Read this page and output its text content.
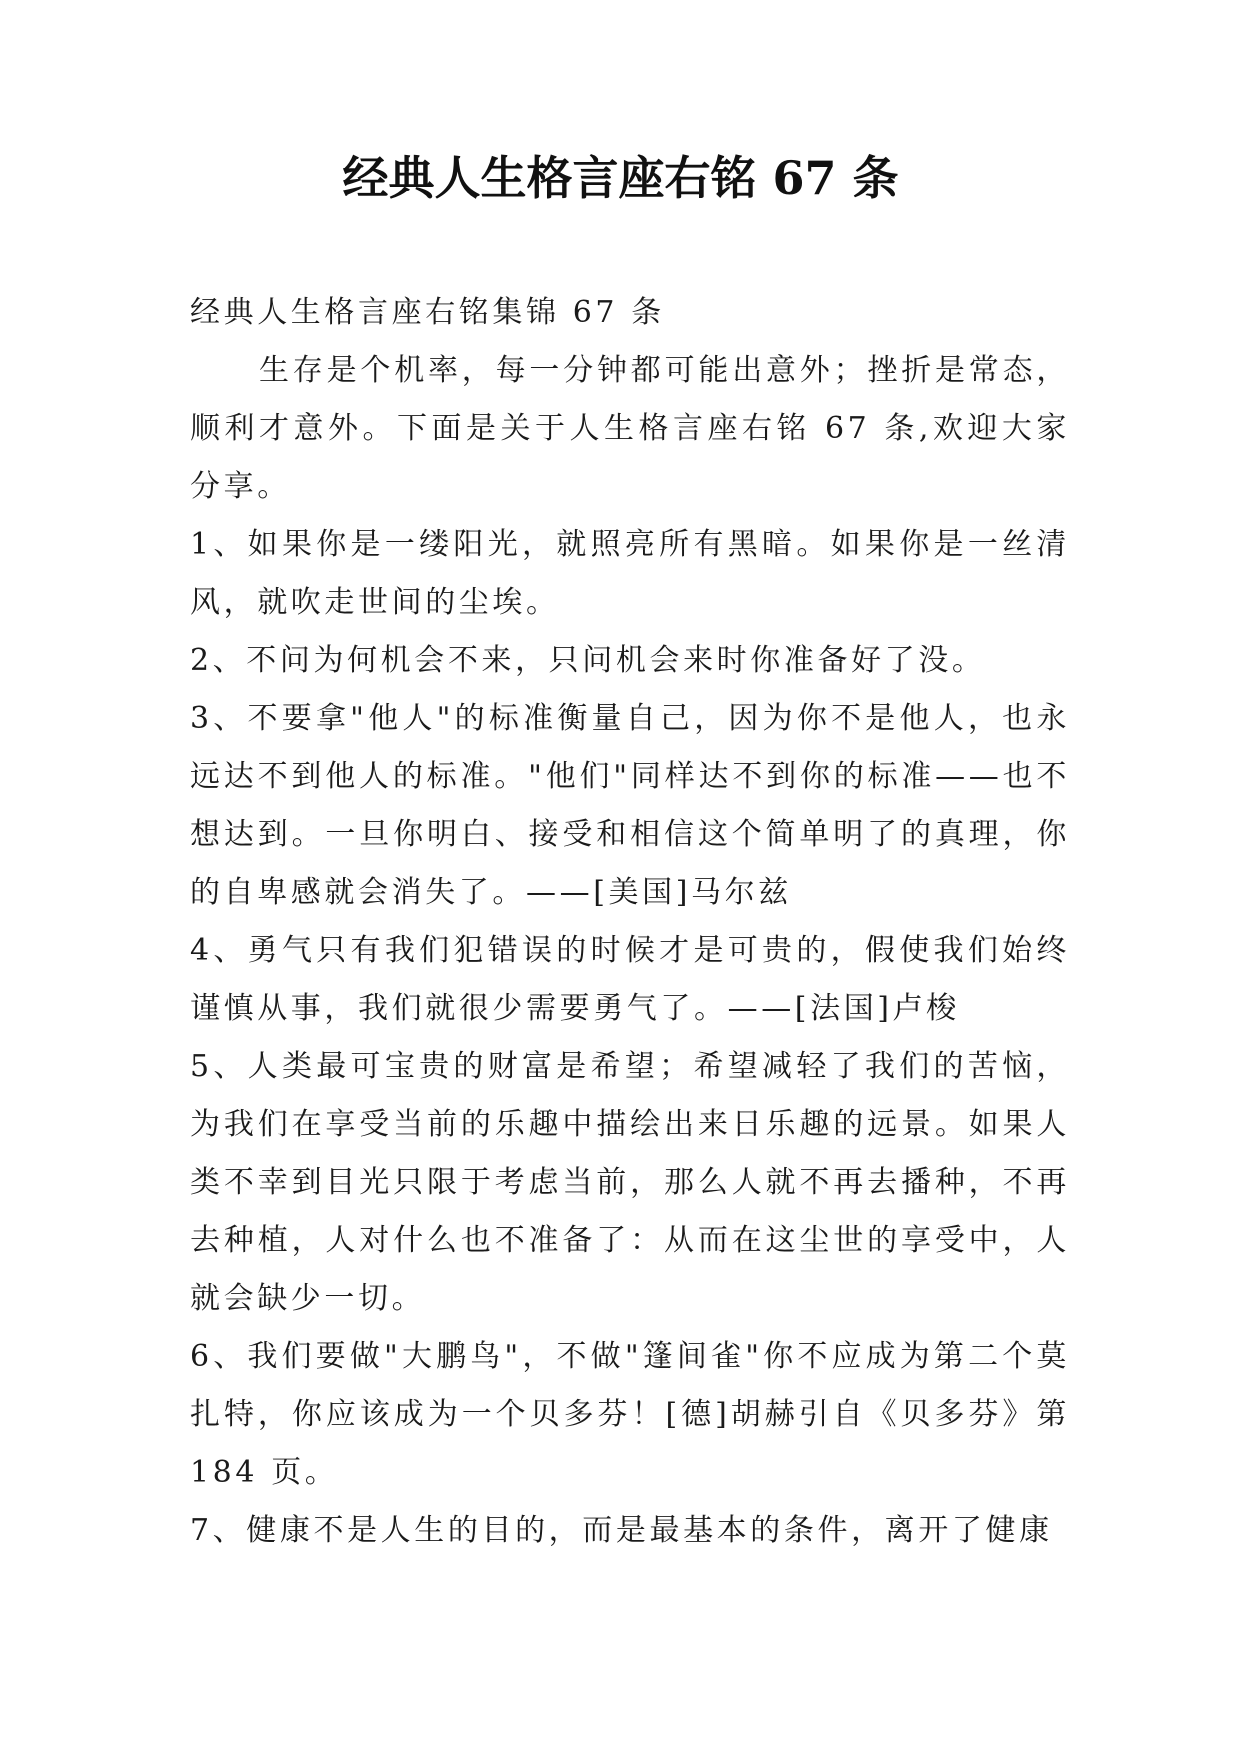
经典人生格言座右铭 67 条

经典人生格言座右铭集锦 67 条

生存是个机率，每一分钟都可能出意外；挫折是常态，顺利才意外。下面是关于人生格言座右铭 67 条,欢迎大家分享。

1、如果你是一缕阳光，就照亮所有黑暗。如果你是一丝清风，就吹走世间的尘埃。

2、不问为何机会不来，只问机会来时你准备好了没。

3、不要拿"他人"的标准衡量自己，因为你不是他人，也永远达不到他人的标准。"他们"同样达不到你的标准——也不想达到。一旦你明白、接受和相信这个简单明了的真理，你的自卑感就会消失了。——[美国]马尔兹

4、勇气只有我们犯错误的时候才是可贵的，假使我们始终谨慎从事，我们就很少需要勇气了。——[法国]卢梭

5、人类最可宝贵的财富是希望；希望减轻了我们的苦恼，为我们在享受当前的乐趣中描绘出来日乐趣的远景。如果人类不幸到目光只限于考虑当前，那么人就不再去播种，不再去种植，人对什么也不准备了：从而在这尘世的享受中，人就会缺少一切。

6、我们要做"大鹏鸟"，不做"篷间雀"你不应成为第二个莫扎特，你应该成为一个贝多芬！[德]胡赫引自《贝多芬》第 184 页。

7、健康不是人生的目的，而是最基本的条件，离开了健康
